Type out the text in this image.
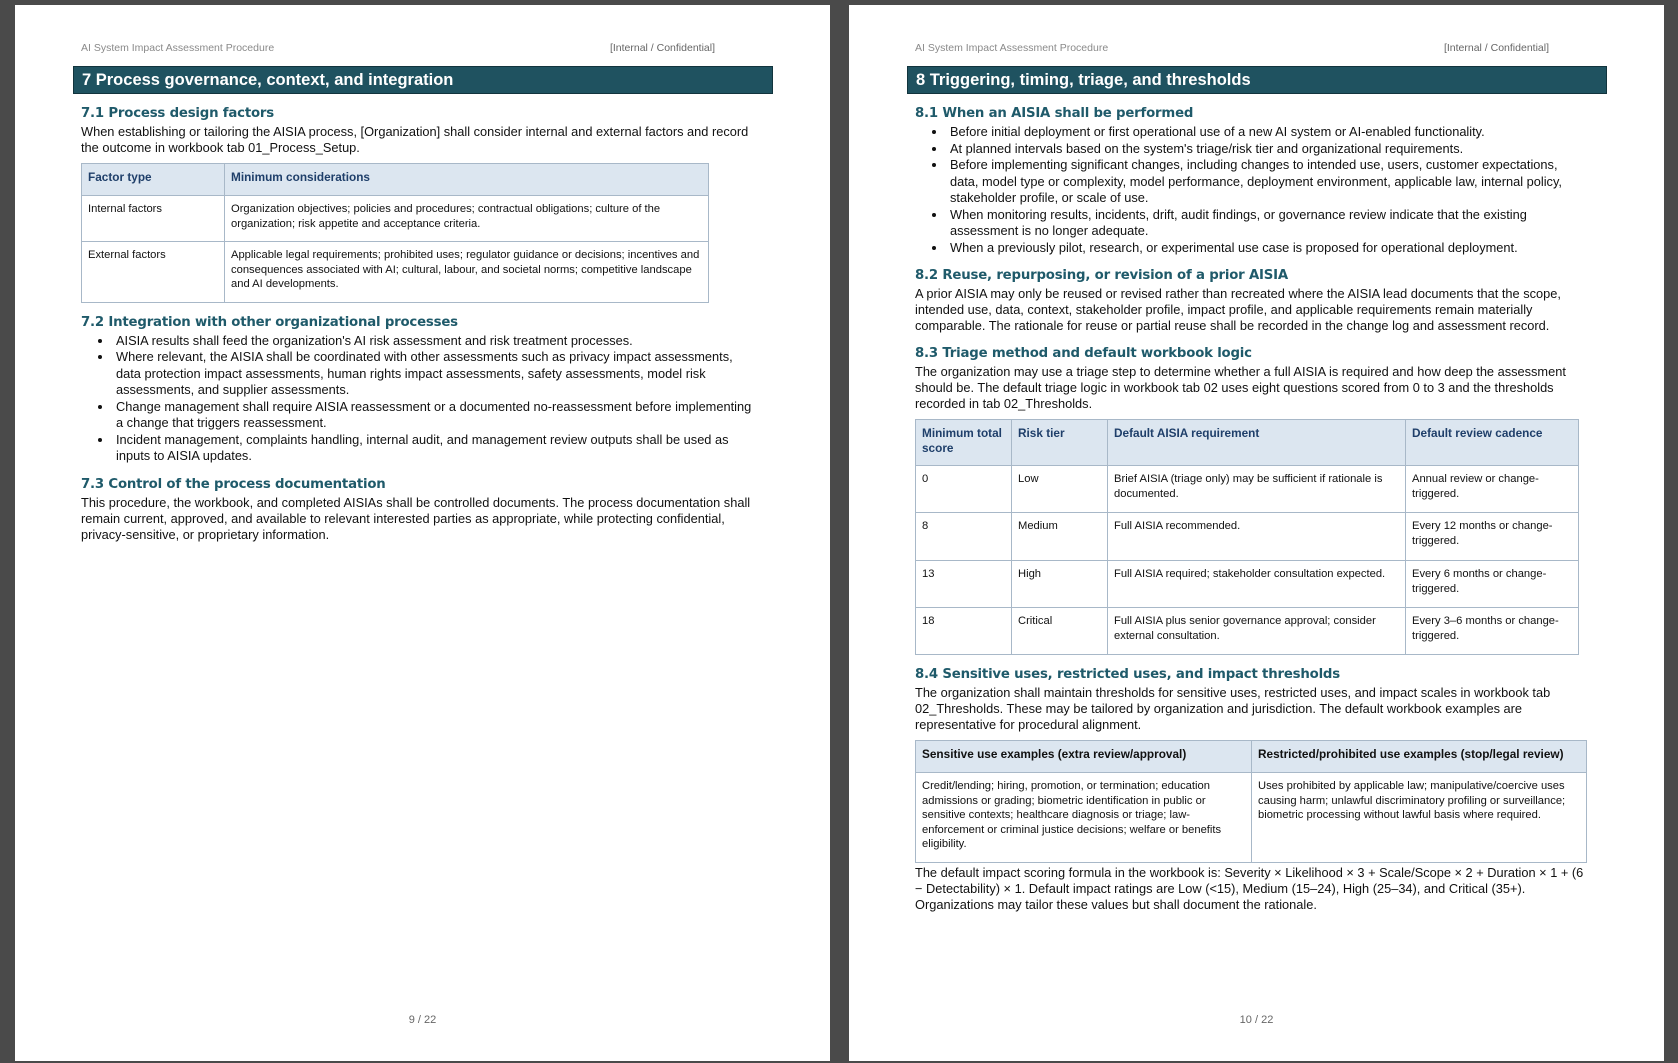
AI System Impact Assessment Procedure	[Internal / Confidential]
7 Process governance, context, and integration
7.1 Process design factors
When establishing or tailoring the AISIA process, [Organization] shall consider internal and external factors and record the outcome in workbook tab 01_Process_Setup.
Factor type	Minimum considerations
Internal factors	Organization objectives; policies and procedures; contractual obligations; culture of the organization; risk appetite and acceptance criteria.
External factors	Applicable legal requirements; prohibited uses; regulator guidance or decisions; incentives and consequences associated with AI; cultural, labour, and societal norms; competitive landscape and AI developments.
7.2 Integration with other organizational processes
• AISIA results shall feed the organization's AI risk assessment and risk treatment processes.
• Where relevant, the AISIA shall be coordinated with other assessments such as privacy impact assessments, data protection impact assessments, human rights impact assessments, safety assessments, model risk assessments, and supplier assessments.
• Change management shall require AISIA reassessment or a documented no-reassessment before implementing a change that triggers reassessment.
• Incident management, complaints handling, internal audit, and management review outputs shall be used as inputs to AISIA updates.
7.3 Control of the process documentation
This procedure, the workbook, and completed AISIAs shall be controlled documents. The process documentation shall remain current, approved, and available to relevant interested parties as appropriate, while protecting confidential, privacy-sensitive, or proprietary information.
9 / 22
AI System Impact Assessment Procedure	[Internal / Confidential]
8 Triggering, timing, triage, and thresholds
8.1 When an AISIA shall be performed
• Before initial deployment or first operational use of a new AI system or AI-enabled functionality.
• At planned intervals based on the system's triage/risk tier and organizational requirements.
• Before implementing significant changes, including changes to intended use, users, customer expectations, data, model type or complexity, model performance, deployment environment, applicable law, internal policy, stakeholder profile, or scale of use.
• When monitoring results, incidents, drift, audit findings, or governance review indicate that the existing assessment is no longer adequate.
• When a previously pilot, research, or experimental use case is proposed for operational deployment.
8.2 Reuse, repurposing, or revision of a prior AISIA
A prior AISIA may only be reused or revised rather than recreated where the AISIA lead documents that the scope, intended use, data, context, stakeholder profile, impact profile, and applicable requirements remain materially comparable. The rationale for reuse or partial reuse shall be recorded in the change log and assessment record.
8.3 Triage method and default workbook logic
The organization may use a triage step to determine whether a full AISIA is required and how deep the assessment should be. The default triage logic in workbook tab 02 uses eight questions scored from 0 to 3 and the thresholds recorded in tab 02_Thresholds.
Minimum total score	Risk tier	Default AISIA requirement	Default review cadence
0	Low	Brief AISIA (triage only) may be sufficient if rationale is documented.	Annual review or change-triggered.
8	Medium	Full AISIA recommended.	Every 12 months or change-triggered.
13	High	Full AISIA required; stakeholder consultation expected.	Every 6 months or change-triggered.
18	Critical	Full AISIA plus senior governance approval; consider external consultation.	Every 3–6 months or change-triggered.
8.4 Sensitive uses, restricted uses, and impact thresholds
The organization shall maintain thresholds for sensitive uses, restricted uses, and impact scales in workbook tab 02_Thresholds. These may be tailored by organization and jurisdiction. The default workbook examples are representative for procedural alignment.
Sensitive use examples (extra review/approval)	Restricted/prohibited use examples (stop/legal review)
Credit/lending; hiring, promotion, or termination; education admissions or grading; biometric identification in public or sensitive contexts; healthcare diagnosis or triage; law-enforcement or criminal justice decisions; welfare or benefits eligibility.	Uses prohibited by applicable law; manipulative/coercive uses causing harm; unlawful discriminatory profiling or surveillance; biometric processing without lawful basis where required.
The default impact scoring formula in the workbook is: Severity × Likelihood × 3 + Scale/Scope × 2 + Duration × 1 + (6 − Detectability) × 1. Default impact ratings are Low (<15), Medium (15–24), High (25–34), and Critical (35+). Organizations may tailor these values but shall document the rationale.
10 / 22
